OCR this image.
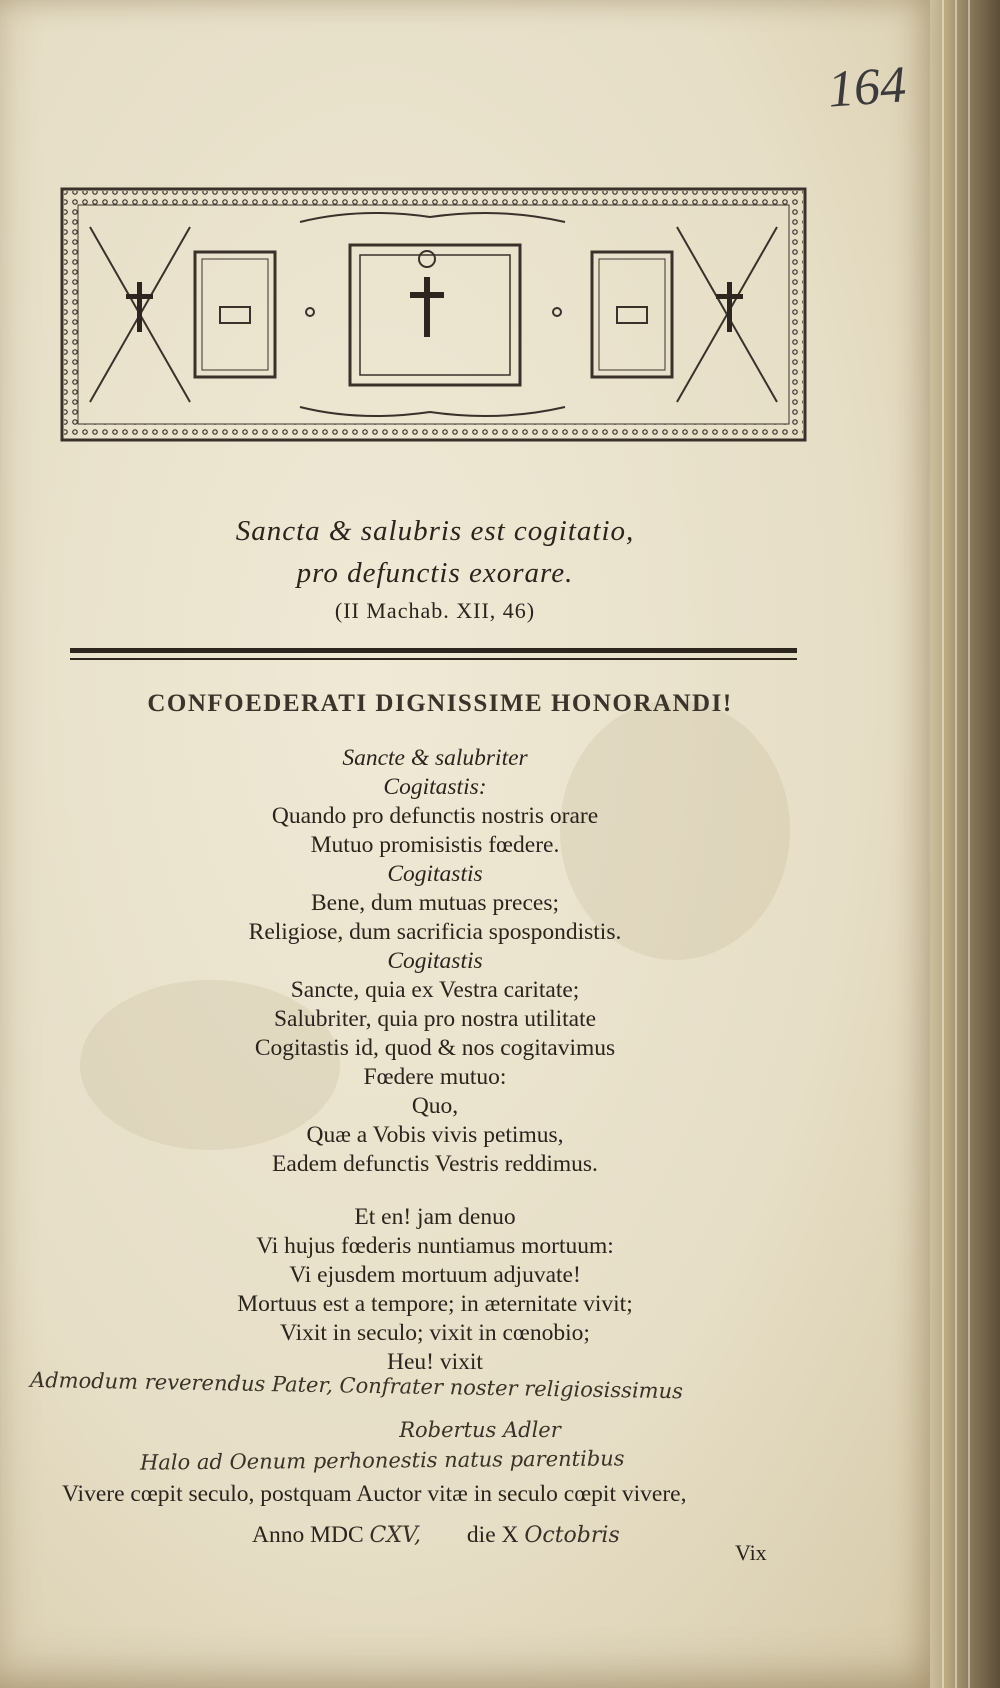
164
Sancta & salubris est cogitatio,
pro defunctis exorare.
(II Machab. XII, 46)
CONFOEDERATI DIGNISSIME HONORANDI!
Sancte & salubriter
Cogitastis:
Quando pro defunctis nostris orare
Mutuo promisistis fœdere.
Cogitastis
Bene, dum mutuas preces;
Religiose, dum sacrificia spospondistis.
Cogitastis
Sancte, quia ex Vestra caritate;
Salubriter, quia pro nostra utilitate
Cogitastis id, quod & nos cogitavimus
Fœdere mutuo:
Quo,
Quæ a Vobis vivis petimus,
Eadem defunctis Vestris reddimus.
Et en! jam denuo
Vi hujus fœderis nuntiamus mortuum:
Vi ejusdem mortuum adjuvate!
Mortuus est a tempore; in æternitate vivit;
Vixit in seculo; vixit in cœnobio;
Heu! vixit
Admodum reverendus Pater, Confrater noster religiosissimus
Robertus Adler
Halo ad Oenum perhonestis natus parentibus
Vivere cœpit seculo, postquam Auctor vitæ in seculo cœpit vivere,
Anno MDC CXV, die X Octobris
Vix
